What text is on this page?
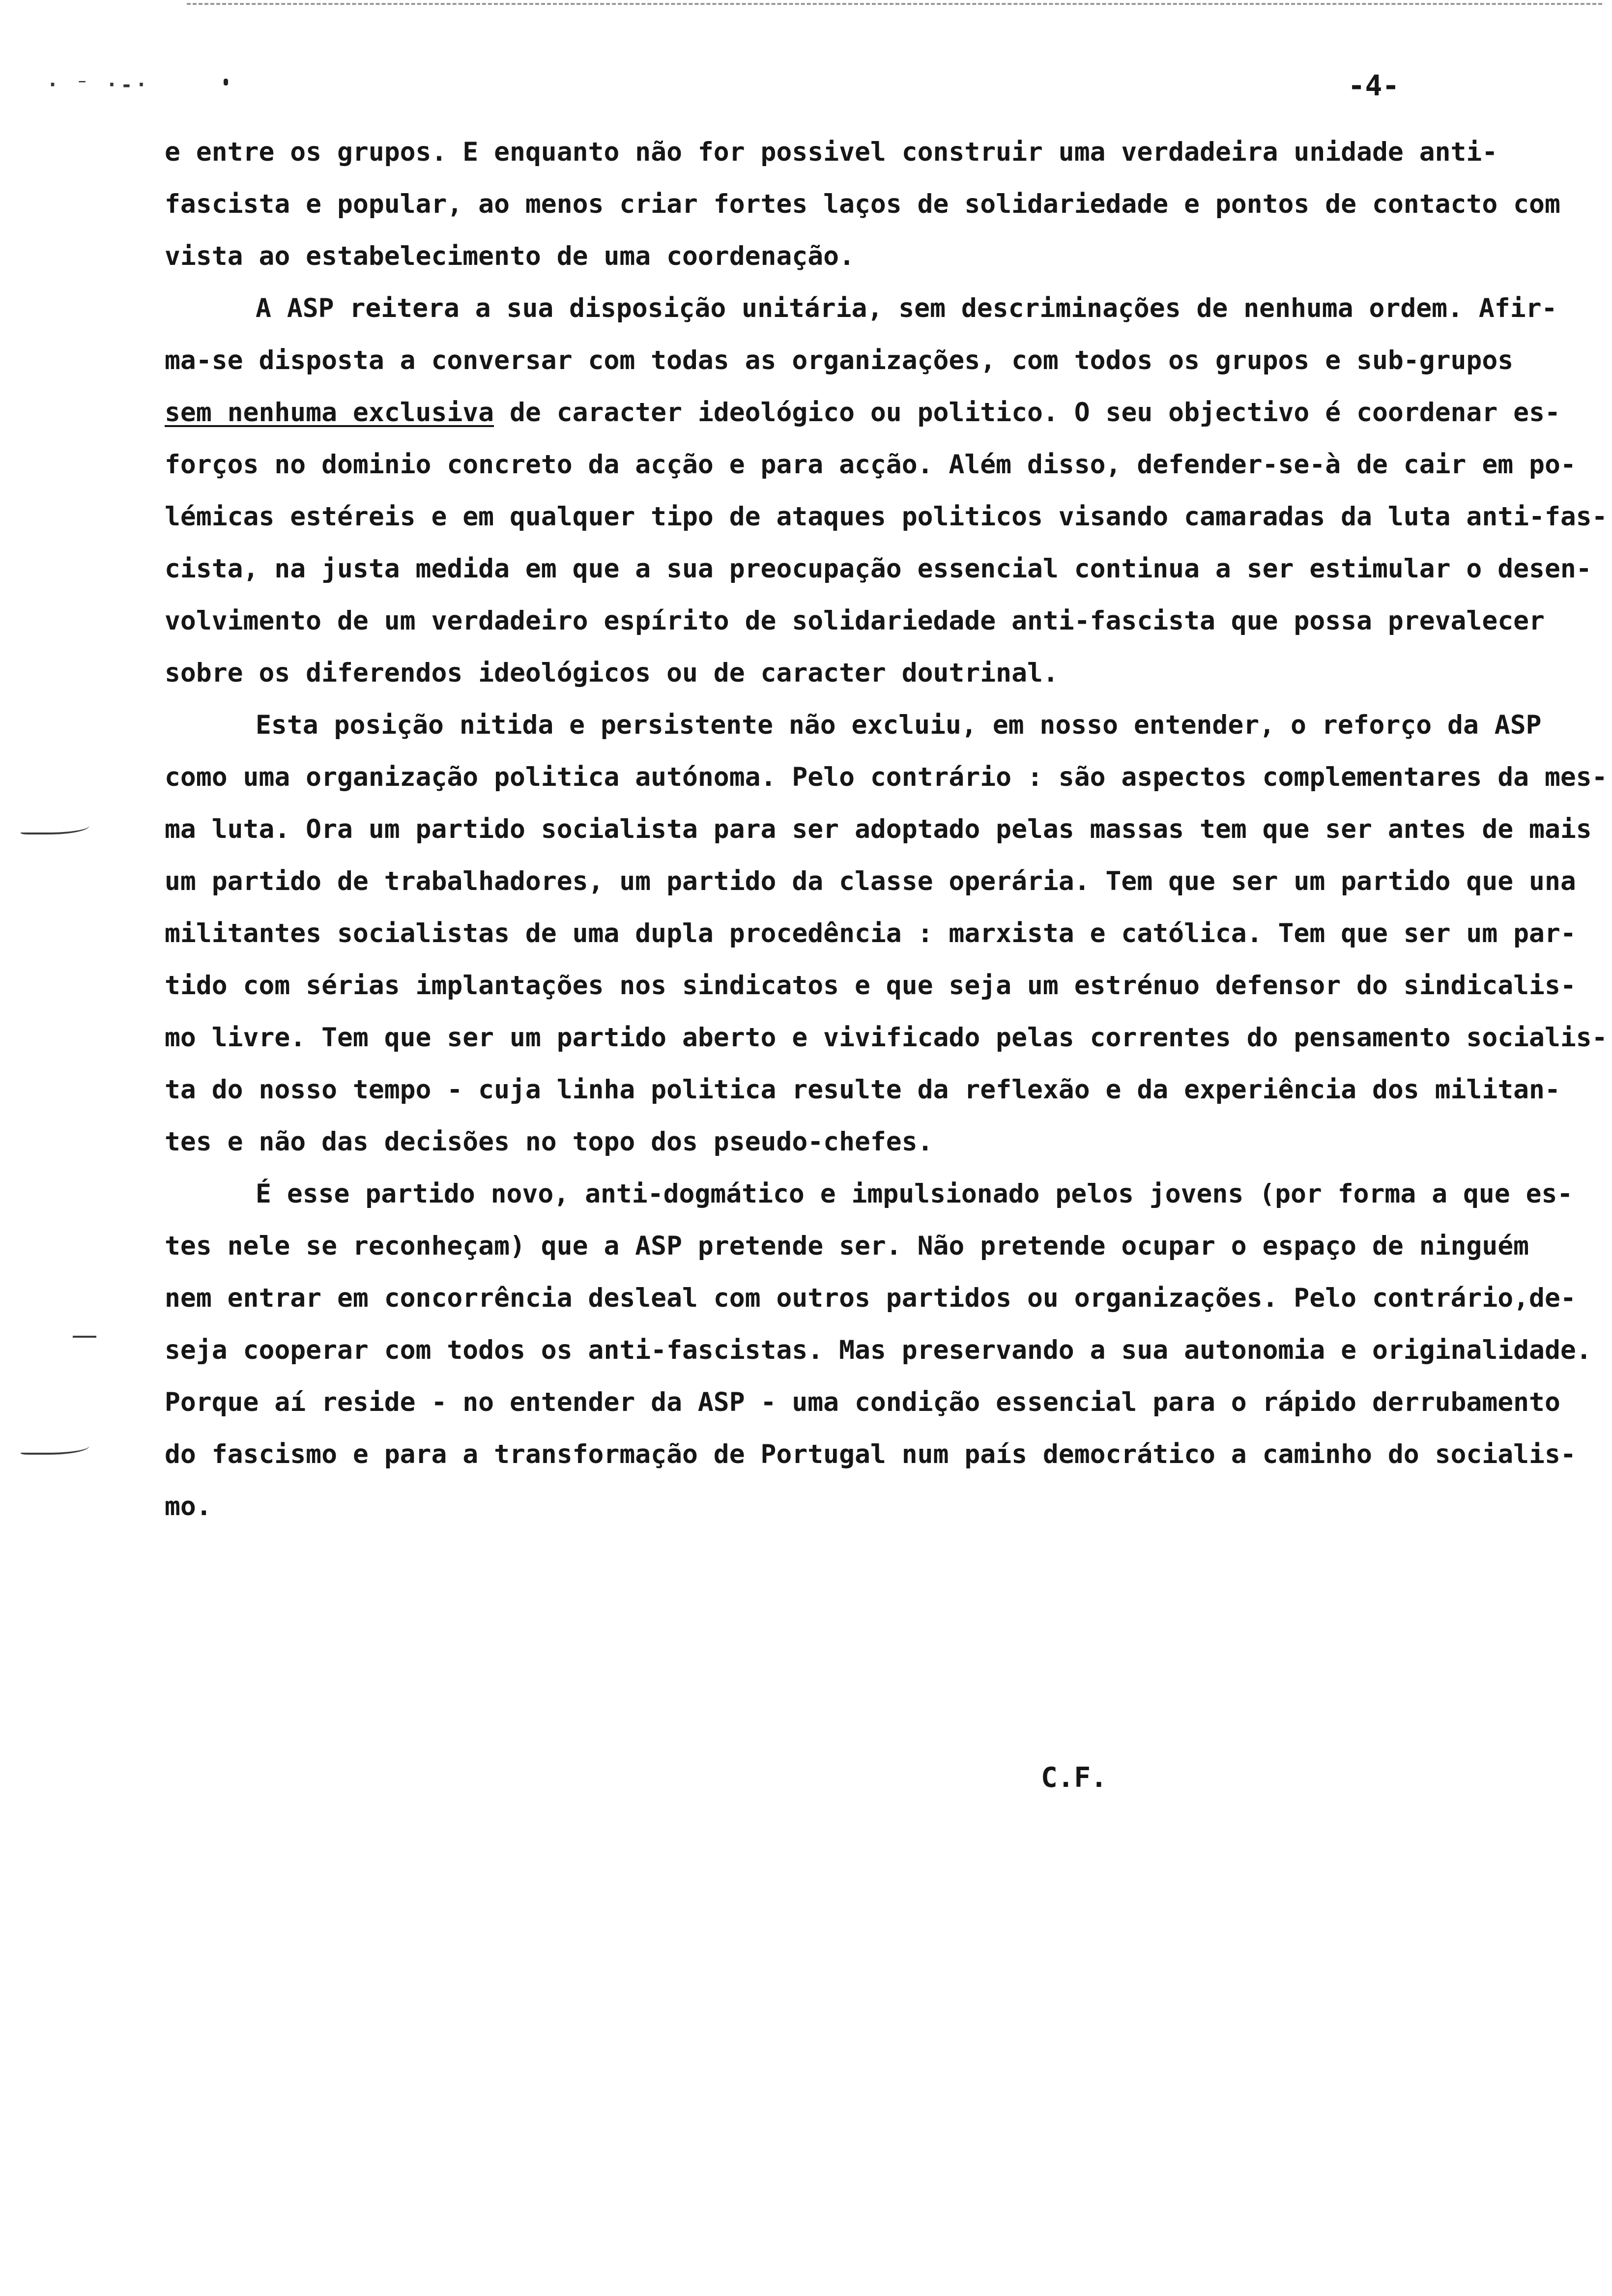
· ⁻ ·-·	-4-
e entre os grupos. E enquanto não for possivel construir uma verdadeira unidade anti-
fascista e popular, ao menos criar fortes laços de solidariedade e pontos de contacto com
vista ao estabelecimento de uma coordenação.
A ASP reitera a sua disposição unitária, sem descriminações de nenhuma ordem. Afir-
ma-se disposta a conversar com todas as organizações, com todos os grupos e sub-grupos
sem nenhuma exclusiva de caracter ideológico ou politico. O seu objectivo é coordenar es-
forços no dominio concreto da acção e para acção. Além disso, defender-se-à de cair em po-
lémicas estéreis e em qualquer tipo de ataques politicos visando camaradas da luta anti-fas-
cista, na justa medida em que a sua preocupação essencial continua a ser estimular o desen-
volvimento de um verdadeiro espírito de solidariedade anti-fascista que possa prevalecer
sobre os diferendos ideológicos ou de caracter doutrinal.
Esta posição nitida e persistente não excluiu, em nosso entender, o reforço da ASP
como uma organização politica autónoma. Pelo contrário : são aspectos complementares da mes-
ma luta. Ora um partido socialista para ser adoptado pelas massas tem que ser antes de mais
um partido de trabalhadores, um partido da classe operária. Tem que ser um partido que una
militantes socialistas de uma dupla procedência : marxista e católica. Tem que ser um par-
tido com sérias implantações nos sindicatos e que seja um estrénuo defensor do sindicalis-
mo livre. Tem que ser um partido aberto e vivificado pelas correntes do pensamento socialis-
ta do nosso tempo - cuja linha politica resulte da reflexão e da experiência dos militan-
tes e não das decisões no topo dos pseudo-chefes.
É esse partido novo, anti-dogmático e impulsionado pelos jovens (por forma a que es-
tes nele se reconheçam) que a ASP pretende ser. Não pretende ocupar o espaço de ninguém
nem entrar em concorrência desleal com outros partidos ou organizações. Pelo contrário,de-
seja cooperar com todos os anti-fascistas. Mas preservando a sua autonomia e originalidade.
Porque aí reside - no entender da ASP - uma condição essencial para o rápido derrubamento
do fascismo e para a transformação de Portugal num país democrático a caminho do socialis-
mo.
C.F.
